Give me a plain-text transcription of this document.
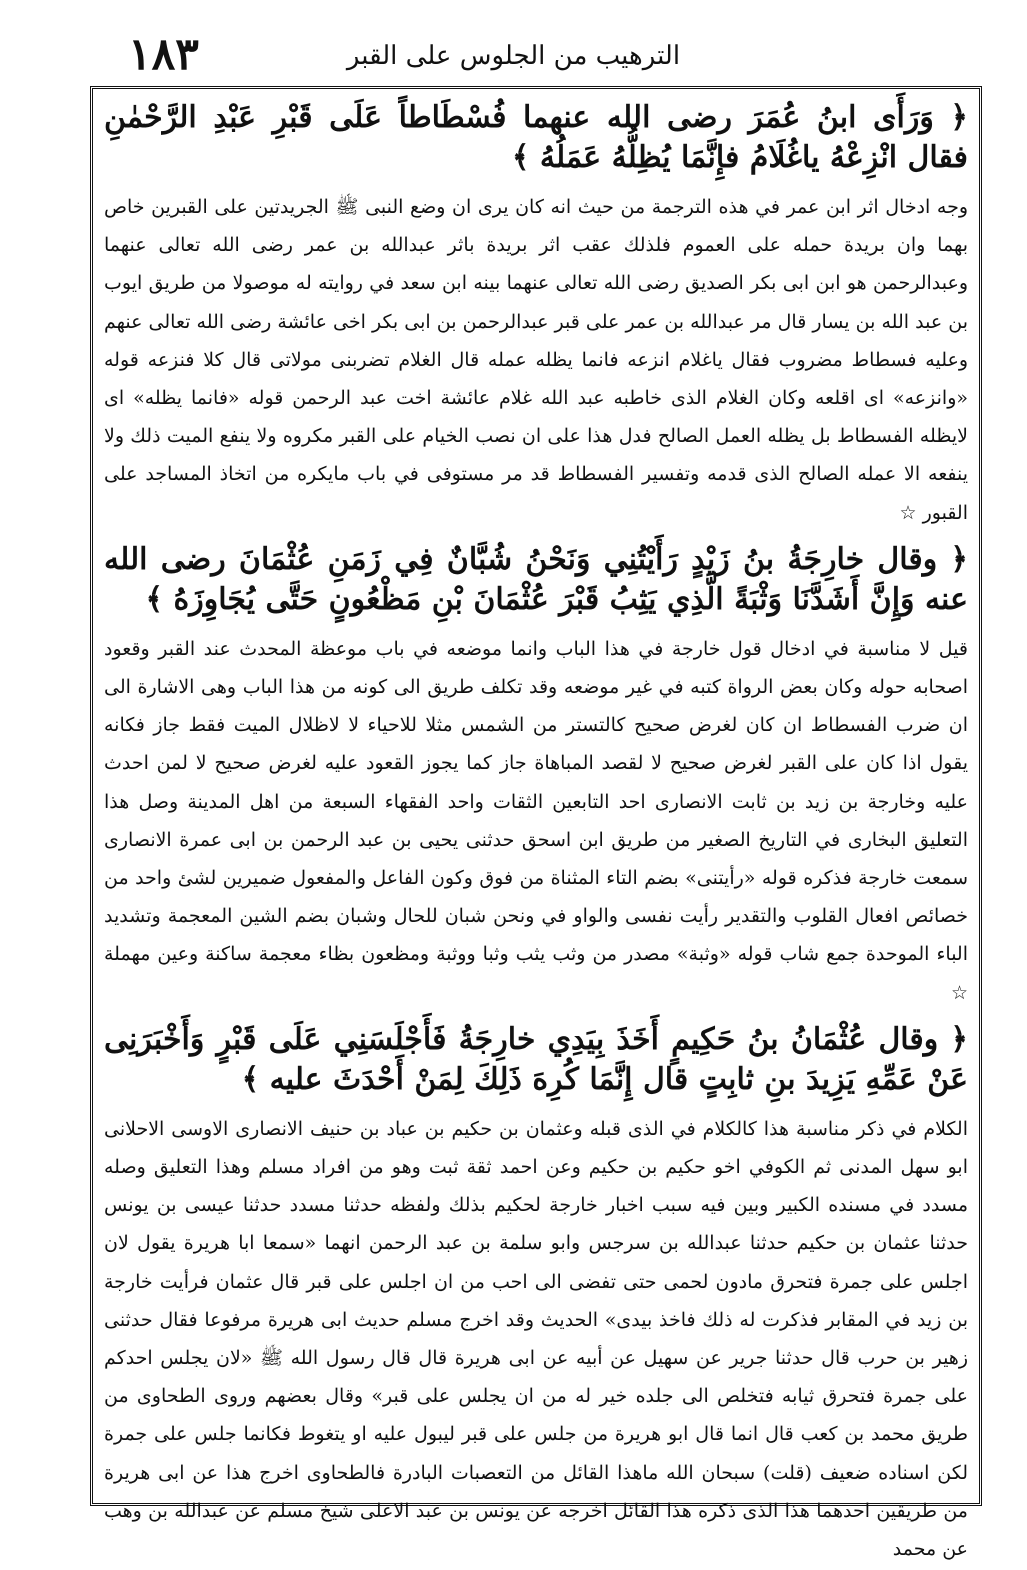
١٨٣	الترهيب من الجلوس على القبر
﴿ وَرَأَى ابنُ عُمَرَ رضى الله عنهما فُسْطَاطاً عَلَى قَبْرِ عَبْدِ الرَّحْمٰنِ فقال انْزِعْهُ ياغُلَامُ فإِنَّمَا يُظِلُّهُ عَمَلُهُ ﴾

وجه ادخال اثر ابن عمر في هذه الترجمة من حيث انه كان يرى ان وضع النبى ﷺ الجريدتين على القبرين خاص بهما وان بريدة حمله على العموم فلذلك عقب اثر بريدة باثر عبدالله بن عمر رضى الله تعالى عنهما وعبدالرحمن هو ابن ابى بكر الصديق رضى الله تعالى عنهما بينه ابن سعد في روايته له موصولا من طريق ايوب بن عبد الله بن يسار قال مر عبدالله بن عمر على قبر عبدالرحمن بن ابى بكر اخى عائشة رضى الله تعالى عنهم وعليه فسطاط مضروب فقال ياغلام انزعه فانما يظله عمله قال الغلام تضربنى مولاتى قال كلا فنزعه قوله «وانزعه» اى اقلعه وكان الغلام الذى خاطبه عبد الله غلام عائشة اخت عبد الرحمن قوله «فانما يظله» اى لايظله الفسطاط بل يظله العمل الصالح فدل هذا على ان نصب الخيام على القبر مكروه ولا ينفع الميت ذلك ولا ينفعه الا عمله الصالح الذى قدمه وتفسير الفسطاط قد مر مستوفى في باب مايكره من اتخاذ المساجد على القبور ☆

﴿ وقال خارِجَةُ بنُ زَيْدٍ رَأَيْتُنِي وَنَحْنُ شُبَّانٌ فِي زَمَنِ عُثْمَانَ رضى الله عنه وَإِنَّ أَشَدَّنَا وَثْبَةً الَّذِي يَثِبُ قَبْرَ عُثْمَانَ بْنِ مَظْعُونٍ حَتَّى يُجَاوِزَهُ ﴾

قيل لا مناسبة في ادخال قول خارجة في هذا الباب وانما موضعه في باب موعظة المحدث عند القبر وقعود اصحابه حوله وكان بعض الرواة كتبه في غير موضعه وقد تكلف طريق الى كونه من هذا الباب وهى الاشارة الى ان ضرب الفسطاط ان كان لغرض صحيح كالتستر من الشمس مثلا للاحياء لا لاظلال الميت فقط جاز فكانه يقول اذا كان على القبر لغرض صحيح لا لقصد المباهاة جاز كما يجوز القعود عليه لغرض صحيح لا لمن احدث عليه وخارجة بن زيد بن ثابت الانصارى احد التابعين الثقات واحد الفقهاء السبعة من اهل المدينة وصل هذا التعليق البخارى في التاريخ الصغير من طريق ابن اسحق حدثنى يحيى بن عبد الرحمن بن ابى عمرة الانصارى سمعت خارجة فذكره قوله «رأيتنى» بضم التاء المثناة من فوق وكون الفاعل والمفعول ضميرين لشئ واحد من خصائص افعال القلوب والتقدير رأيت نفسى والواو في ونحن شبان للحال وشبان بضم الشين المعجمة وتشديد الباء الموحدة جمع شاب قوله «وثبة» مصدر من وثب يثب وثبا ووثبة ومظعون بظاء معجمة ساكنة وعين مهملة ☆

﴿ وقال عُثْمَانُ بنُ حَكِيمٍ أَخَذَ بِيَدِي خارِجَةُ فَأَجْلَسَنِي عَلَى قَبْرٍ وَأَخْبَرَنِى عَنْ عَمِّهِ يَزِيدَ بنِ ثابِتٍ قال إِنَّمَا كُرِهَ ذَلِكَ لِمَنْ أَحْدَثَ عليه ﴾

الكلام في ذكر مناسبة هذا كالكلام في الذى قبله وعثمان بن حكيم بن عباد بن حنيف الانصارى الاوسى الاحلانى ابو سهل المدنى ثم الكوفي اخو حكيم بن حكيم وعن احمد ثقة ثبت وهو من افراد مسلم وهذا التعليق وصله مسدد في مسنده الكبير وبين فيه سبب اخبار خارجة لحكيم بذلك ولفظه حدثنا مسدد حدثنا عيسى بن يونس حدثنا عثمان بن حكيم حدثنا عبدالله بن سرجس وابو سلمة بن عبد الرحمن انهما «سمعا ابا هريرة يقول لان اجلس على جمرة فتحرق مادون لحمى حتى تفضى الى احب من ان اجلس على قبر قال عثمان فرأيت خارجة بن زيد في المقابر فذكرت له ذلك فاخذ بيدى» الحديث وقد اخرج مسلم حديث ابى هريرة مرفوعا فقال حدثنى زهير بن حرب قال حدثنا جرير عن سهيل عن أبيه عن ابى هريرة قال قال رسول الله ﷺ «لان يجلس احدكم على جمرة فتحرق ثيابه فتخلص الى جلده خير له من ان يجلس على قبر» وقال بعضهم وروى الطحاوى من طريق محمد بن كعب قال انما قال ابو هريرة من جلس على قبر ليبول عليه او يتغوط فكانما جلس على جمرة لكن اسناده ضعيف (قلت) سبحان الله ماهذا القائل من التعصبات البادرة فالطحاوى اخرج هذا عن ابى هريرة من طريقين احدهما هذا الذى ذكره هذا القائل اخرجه عن يونس بن عبد الاعلى شيخ مسلم عن عبدالله بن وهب عن محمد
